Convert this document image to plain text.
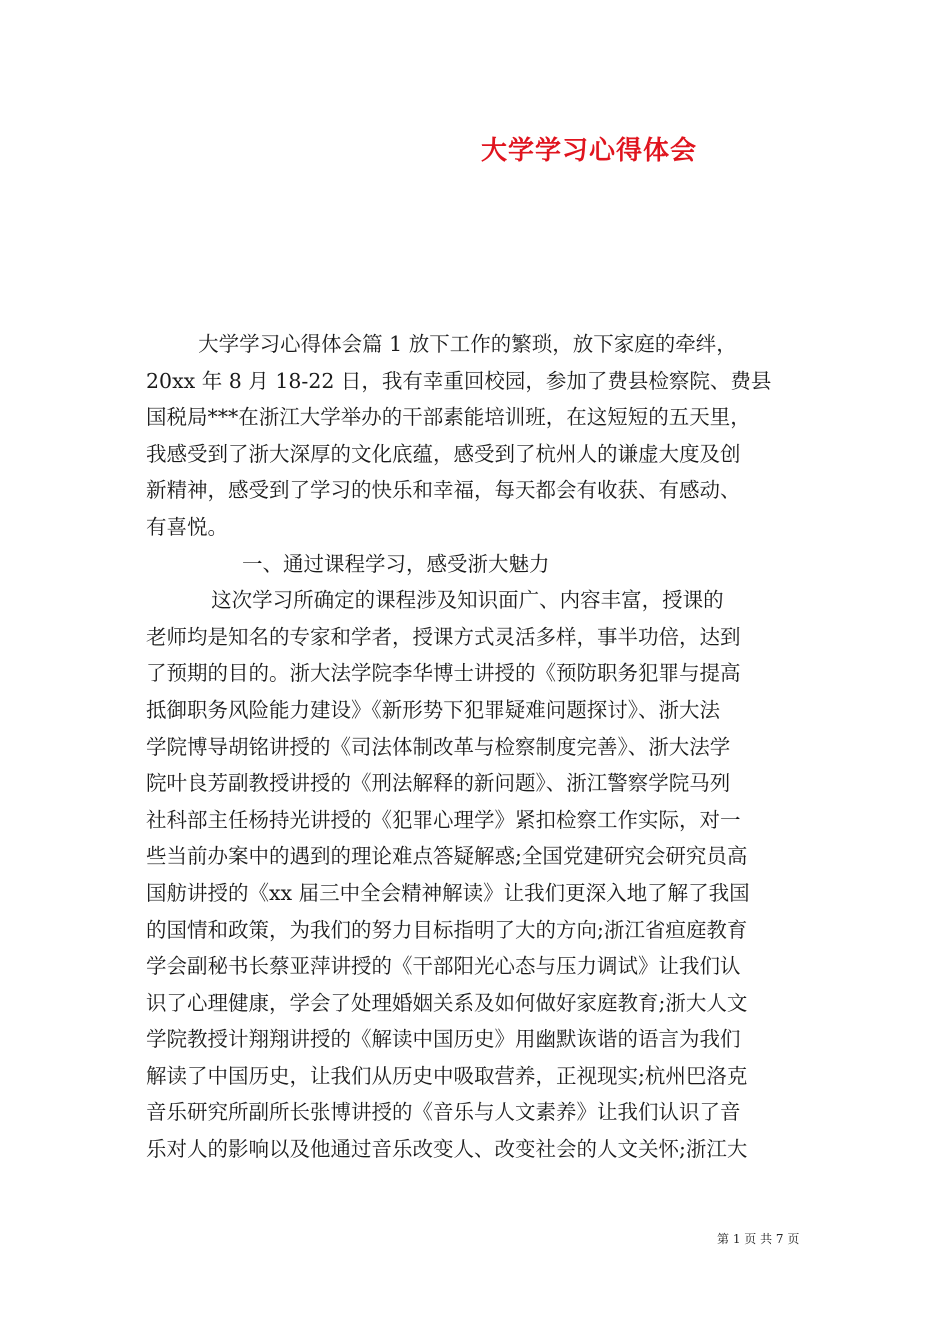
大学学习心得体会
大学学习心得体会篇 1 放下工作的繁琐，放下家庭的牵绊，
20xx 年 8 月 18-22 日，我有幸重回校园，参加了费县检察院、费县
国税局***在浙江大学举办的干部素能培训班，在这短短的五天里，
我感受到了浙大深厚的文化底蕴，感受到了杭州人的谦虚大度及创
新精神，感受到了学习的快乐和幸福，每天都会有收获、有感动、
有喜悦。
一、通过课程学习，感受浙大魅力
这次学习所确定的课程涉及知识面广、内容丰富，授课的
老师均是知名的专家和学者，授课方式灵活多样，事半功倍，达到
了预期的目的。浙大法学院李华博士讲授的《预防职务犯罪与提高
抵御职务风险能力建设》《新形势下犯罪疑难问题探讨》、浙大法
学院博导胡铭讲授的《司法体制改革与检察制度完善》、浙大法学
院叶良芳副教授讲授的《刑法解释的新问题》、浙江警察学院马列
社科部主任杨持光讲授的《犯罪心理学》紧扣检察工作实际，对一
些当前办案中的遇到的理论难点答疑解惑;全国党建研究会研究员高
国舫讲授的《xx 届三中全会精神解读》让我们更深入地了解了我国
的国情和政策，为我们的努力目标指明了大的方向;浙江省疸庭教育
学会副秘书长蔡亚萍讲授的《干部阳光心态与压力调试》让我们认
识了心理健康，学会了处理婚姻关系及如何做好家庭教育;浙大人文
学院教授计翔翔讲授的《解读中国历史》用幽默诙谐的语言为我们
解读了中国历史，让我们从历史中吸取营养，正视现实;杭州巴洛克
音乐研究所副所长张博讲授的《音乐与人文素养》让我们认识了音
乐对人的影响以及他通过音乐改变人、改变社会的人文关怀;浙江大
第 1 页 共 7 页
